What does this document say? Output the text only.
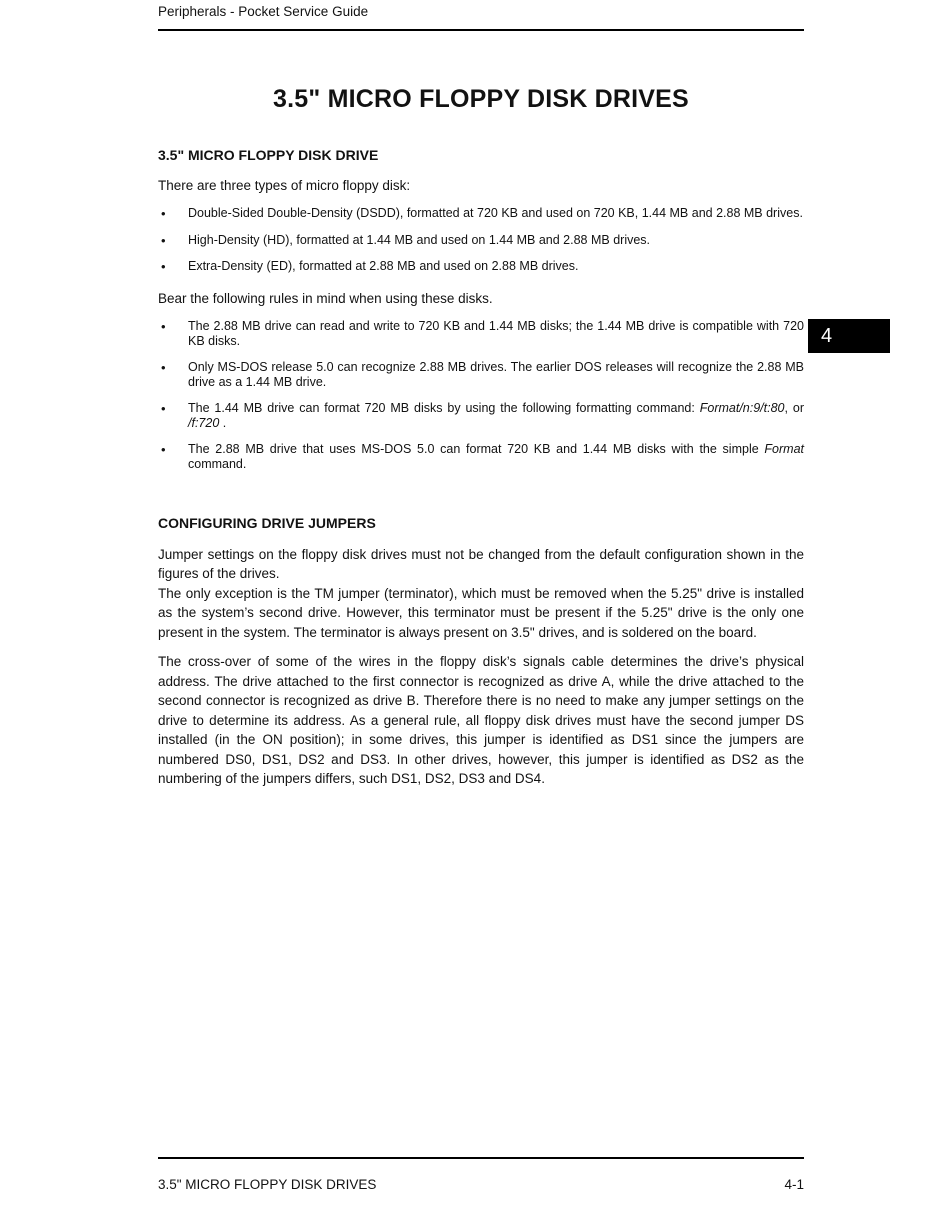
Peripherals - Pocket Service Guide
3.5" MICRO FLOPPY DISK DRIVES
3.5" MICRO FLOPPY DISK DRIVE

There are three types of micro floppy disk:

•
Double-Sided Double-Density (DSDD), formatted at 720 KB and used on 720 KB, 1.44 MB and 2.88 MB drives.
•
High-Density (HD), formatted at 1.44 MB and used on 1.44 MB and 2.88 MB drives.
•
Extra-Density (ED), formatted at 2.88 MB and used on 2.88 MB drives.

Bear the following rules in mind when using these disks.

•
The 2.88 MB drive can read and write to 720 KB and 1.44 MB disks; the 1.44 MB drive is compatible with 720 KB disks.
•
Only MS-DOS release 5.0 can recognize 2.88 MB drives. The earlier DOS releases will recognize the 2.88 MB drive as a 1.44 MB drive.
•
The 1.44 MB drive can format 720 MB disks by using the following formatting command: Format/n:9/t:80, or /f:720 .
•
The 2.88 MB drive that uses MS-DOS 5.0 can format 720 KB and 1.44 MB disks with the simple Format command.
CONFIGURING DRIVE JUMPERS

Jumper settings on the floppy disk drives must not be changed from the default configuration shown in the figures of the drives.

The only exception is the TM jumper (terminator), which must be removed when the 5.25" drive is installed as the system’s second drive. However, this terminator must be present if the 5.25" drive is the only one present in the system. The terminator is always present on 3.5" drives, and is soldered on the board.

The cross-over of some of the wires in the floppy disk’s signals cable determines the drive’s physical address. The drive attached to the first connector is recognized as drive A, while the drive attached to the second connector is recognized as drive B. Therefore there is no need to make any jumper settings on the drive to determine its address. As a general rule, all floppy disk drives must have the second jumper DS installed (in the ON position); in some drives, this jumper is identified as DS1 since the jumpers are numbered DS0, DS1, DS2 and DS3. In other drives, however, this jumper is identified as DS2 as the numbering of the jumpers differs, such DS1, DS2, DS3 and DS4.

4
3.5" MICRO FLOPPY DISK DRIVES	4-1
